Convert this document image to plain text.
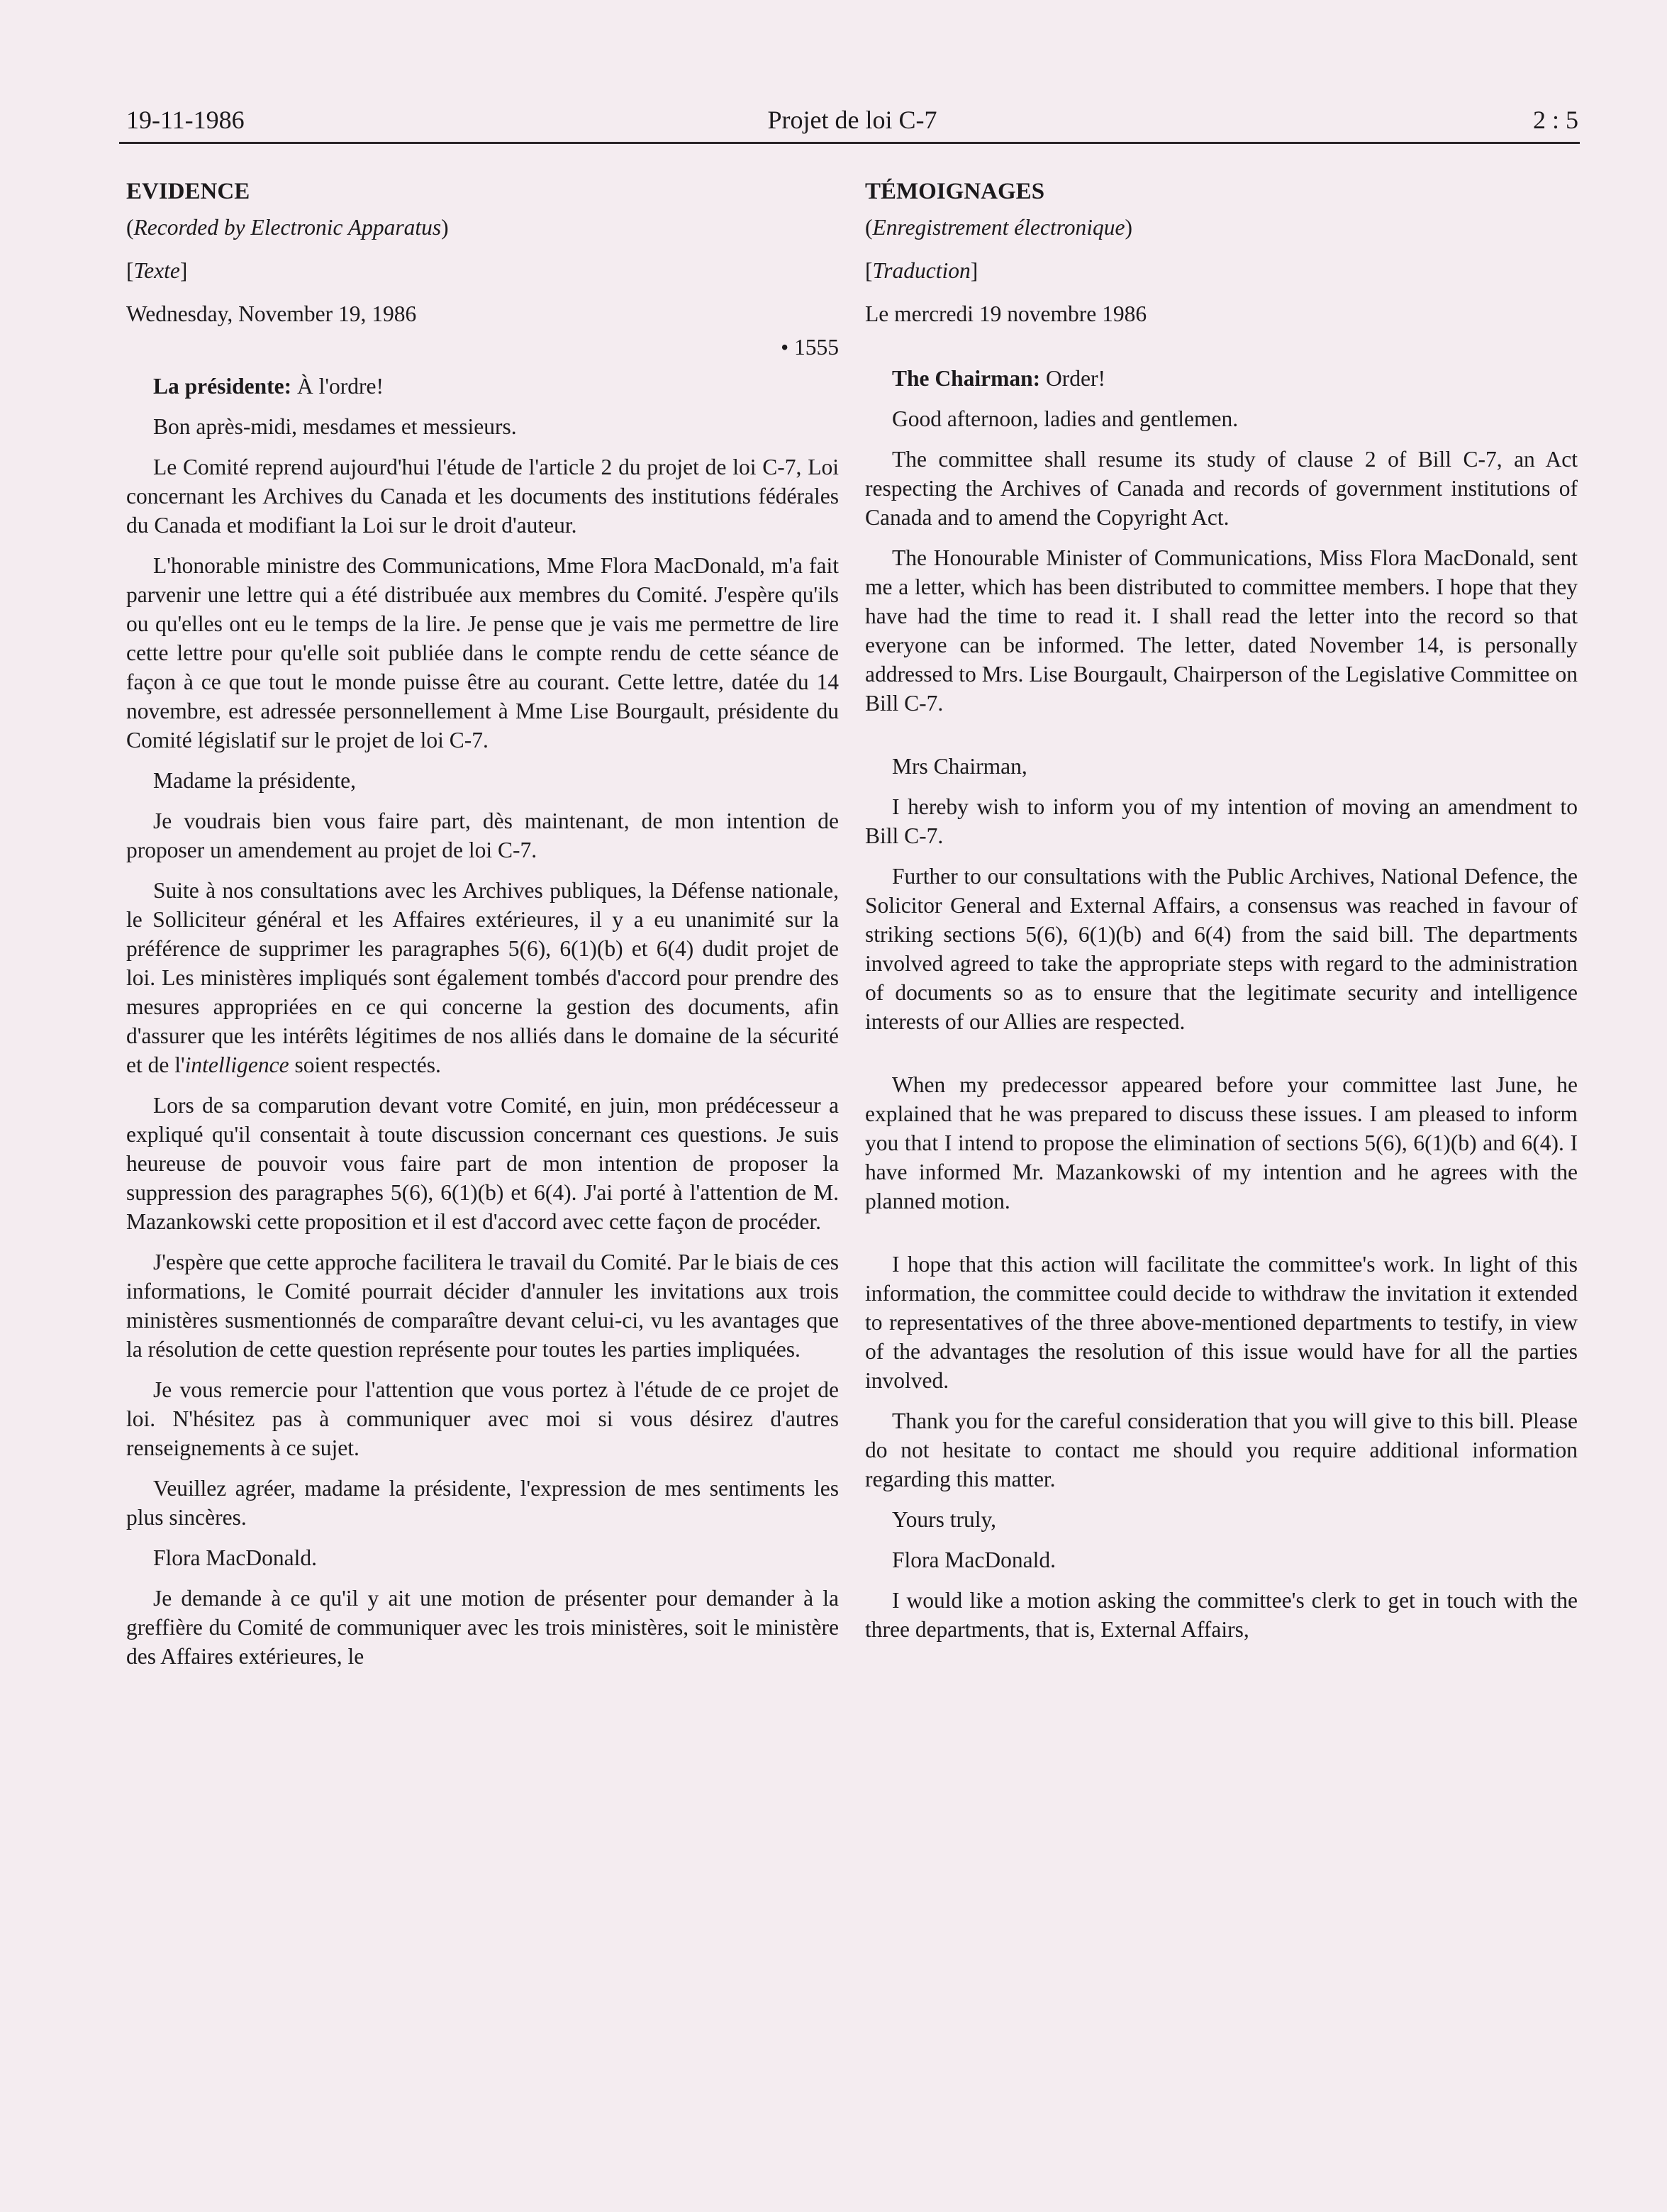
19-11-1986	Projet de loi C-7	2 : 5
EVIDENCE
(Recorded by Electronic Apparatus)
[Texte]
Wednesday, November 19, 1986
• 1555
La présidente: À l'ordre!
Bon après-midi, mesdames et messieurs.
Le Comité reprend aujourd'hui l'étude de l'article 2 du projet de loi C-7, Loi concernant les Archives du Canada et les documents des institutions fédérales du Canada et modifiant la Loi sur le droit d'auteur.
L'honorable ministre des Communications, Mme Flora MacDonald, m'a fait parvenir une lettre qui a été distribuée aux membres du Comité. J'espère qu'ils ou qu'elles ont eu le temps de la lire. Je pense que je vais me permettre de lire cette lettre pour qu'elle soit publiée dans le compte rendu de cette séance de façon à ce que tout le monde puisse être au courant. Cette lettre, datée du 14 novembre, est adressée personnellement à Mme Lise Bourgault, présidente du Comité législatif sur le projet de loi C-7.
Madame la présidente,
Je voudrais bien vous faire part, dès maintenant, de mon intention de proposer un amendement au projet de loi C-7.
Suite à nos consultations avec les Archives publiques, la Défense nationale, le Solliciteur général et les Affaires extérieures, il y a eu unanimité sur la préférence de supprimer les paragraphes 5(6), 6(1)(b) et 6(4) dudit projet de loi. Les ministères impliqués sont également tombés d'accord pour prendre des mesures appropriées en ce qui concerne la gestion des documents, afin d'assurer que les intérêts légitimes de nos alliés dans le domaine de la sécurité et de l'intelligence soient respectés.
Lors de sa comparution devant votre Comité, en juin, mon prédécesseur a expliqué qu'il consentait à toute discussion concernant ces questions. Je suis heureuse de pouvoir vous faire part de mon intention de proposer la suppression des paragraphes 5(6), 6(1)(b) et 6(4). J'ai porté à l'attention de M. Mazankowski cette proposition et il est d'accord avec cette façon de procéder.
J'espère que cette approche facilitera le travail du Comité. Par le biais de ces informations, le Comité pourrait décider d'annuler les invitations aux trois ministères susmentionnés de comparaître devant celui-ci, vu les avantages que la résolution de cette question représente pour toutes les parties impliquées.
Je vous remercie pour l'attention que vous portez à l'étude de ce projet de loi. N'hésitez pas à communiquer avec moi si vous désirez d'autres renseignements à ce sujet.
Veuillez agréer, madame la présidente, l'expression de mes sentiments les plus sincères.
Flora MacDonald.
Je demande à ce qu'il y ait une motion de présenter pour demander à la greffière du Comité de communiquer avec les trois ministères, soit le ministère des Affaires extérieures, le
TÉMOIGNAGES
(Enregistrement électronique)
[Traduction]
Le mercredi 19 novembre 1986
The Chairman: Order!
Good afternoon, ladies and gentlemen.
The committee shall resume its study of clause 2 of Bill C-7, an Act respecting the Archives of Canada and records of government institutions of Canada and to amend the Copyright Act.
The Honourable Minister of Communications, Miss Flora MacDonald, sent me a letter, which has been distributed to committee members. I hope that they have had the time to read it. I shall read the letter into the record so that everyone can be informed. The letter, dated November 14, is personally addressed to Mrs. Lise Bourgault, Chairperson of the Legislative Committee on Bill C-7.
Mrs Chairman,
I hereby wish to inform you of my intention of moving an amendment to Bill C-7.
Further to our consultations with the Public Archives, National Defence, the Solicitor General and External Affairs, a consensus was reached in favour of striking sections 5(6), 6(1)(b) and 6(4) from the said bill. The departments involved agreed to take the appropriate steps with regard to the administration of documents so as to ensure that the legitimate security and intelligence interests of our Allies are respected.
When my predecessor appeared before your committee last June, he explained that he was prepared to discuss these issues. I am pleased to inform you that I intend to propose the elimination of sections 5(6), 6(1)(b) and 6(4). I have informed Mr. Mazankowski of my intention and he agrees with the planned motion.
I hope that this action will facilitate the committee's work. In light of this information, the committee could decide to withdraw the invitation it extended to representatives of the three above-mentioned departments to testify, in view of the advantages the resolution of this issue would have for all the parties involved.
Thank you for the careful consideration that you will give to this bill. Please do not hesitate to contact me should you require additional information regarding this matter.
Yours truly,
Flora MacDonald.
I would like a motion asking the committee's clerk to get in touch with the three departments, that is, External Affairs,
